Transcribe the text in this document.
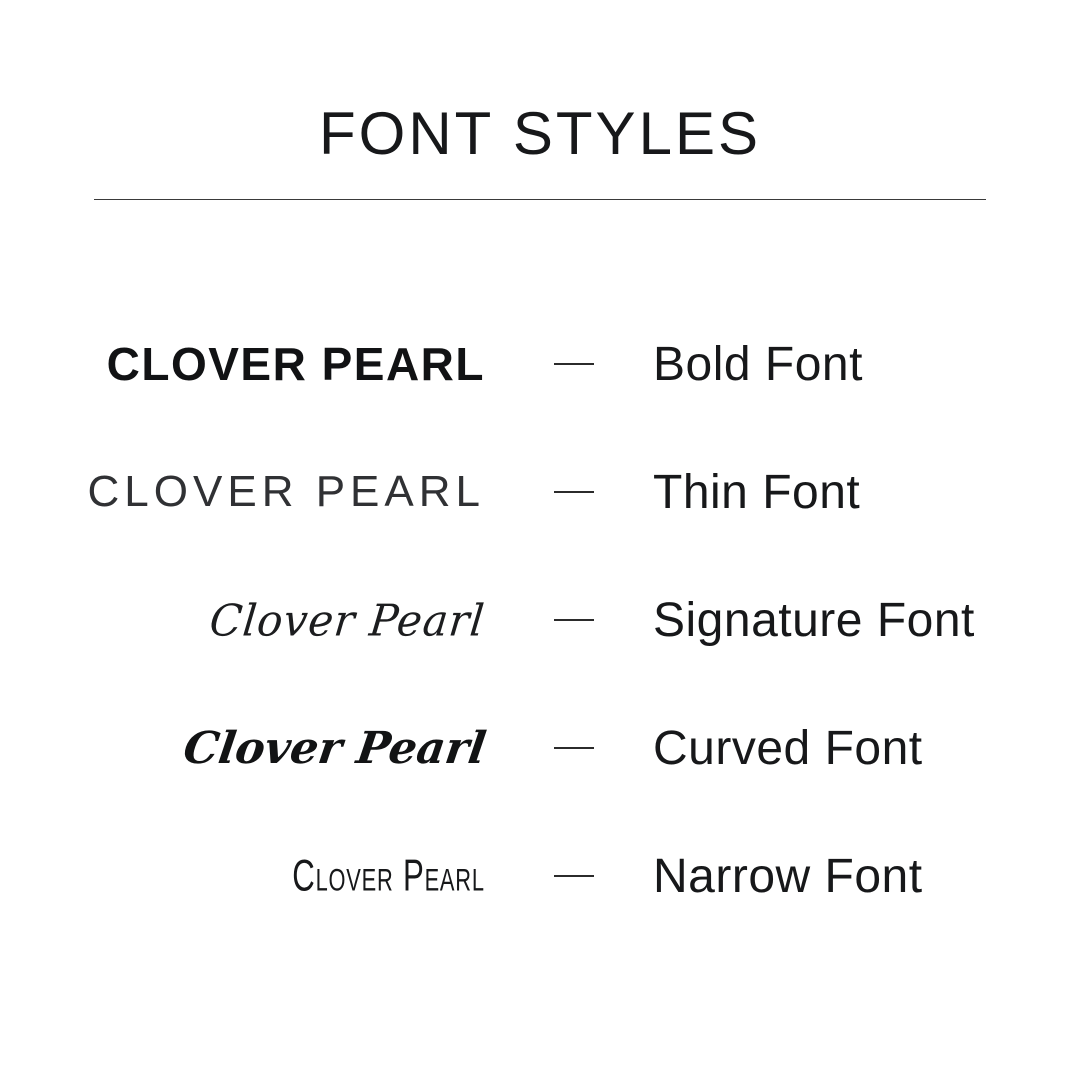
FONT STYLES
CLOVER PEARL	Bold Font
CLOVER PEARL	Thin Font
Clover Pearl	Signature Font
Clover Pearl	Curved Font
Clover Pearl	Narrow Font
